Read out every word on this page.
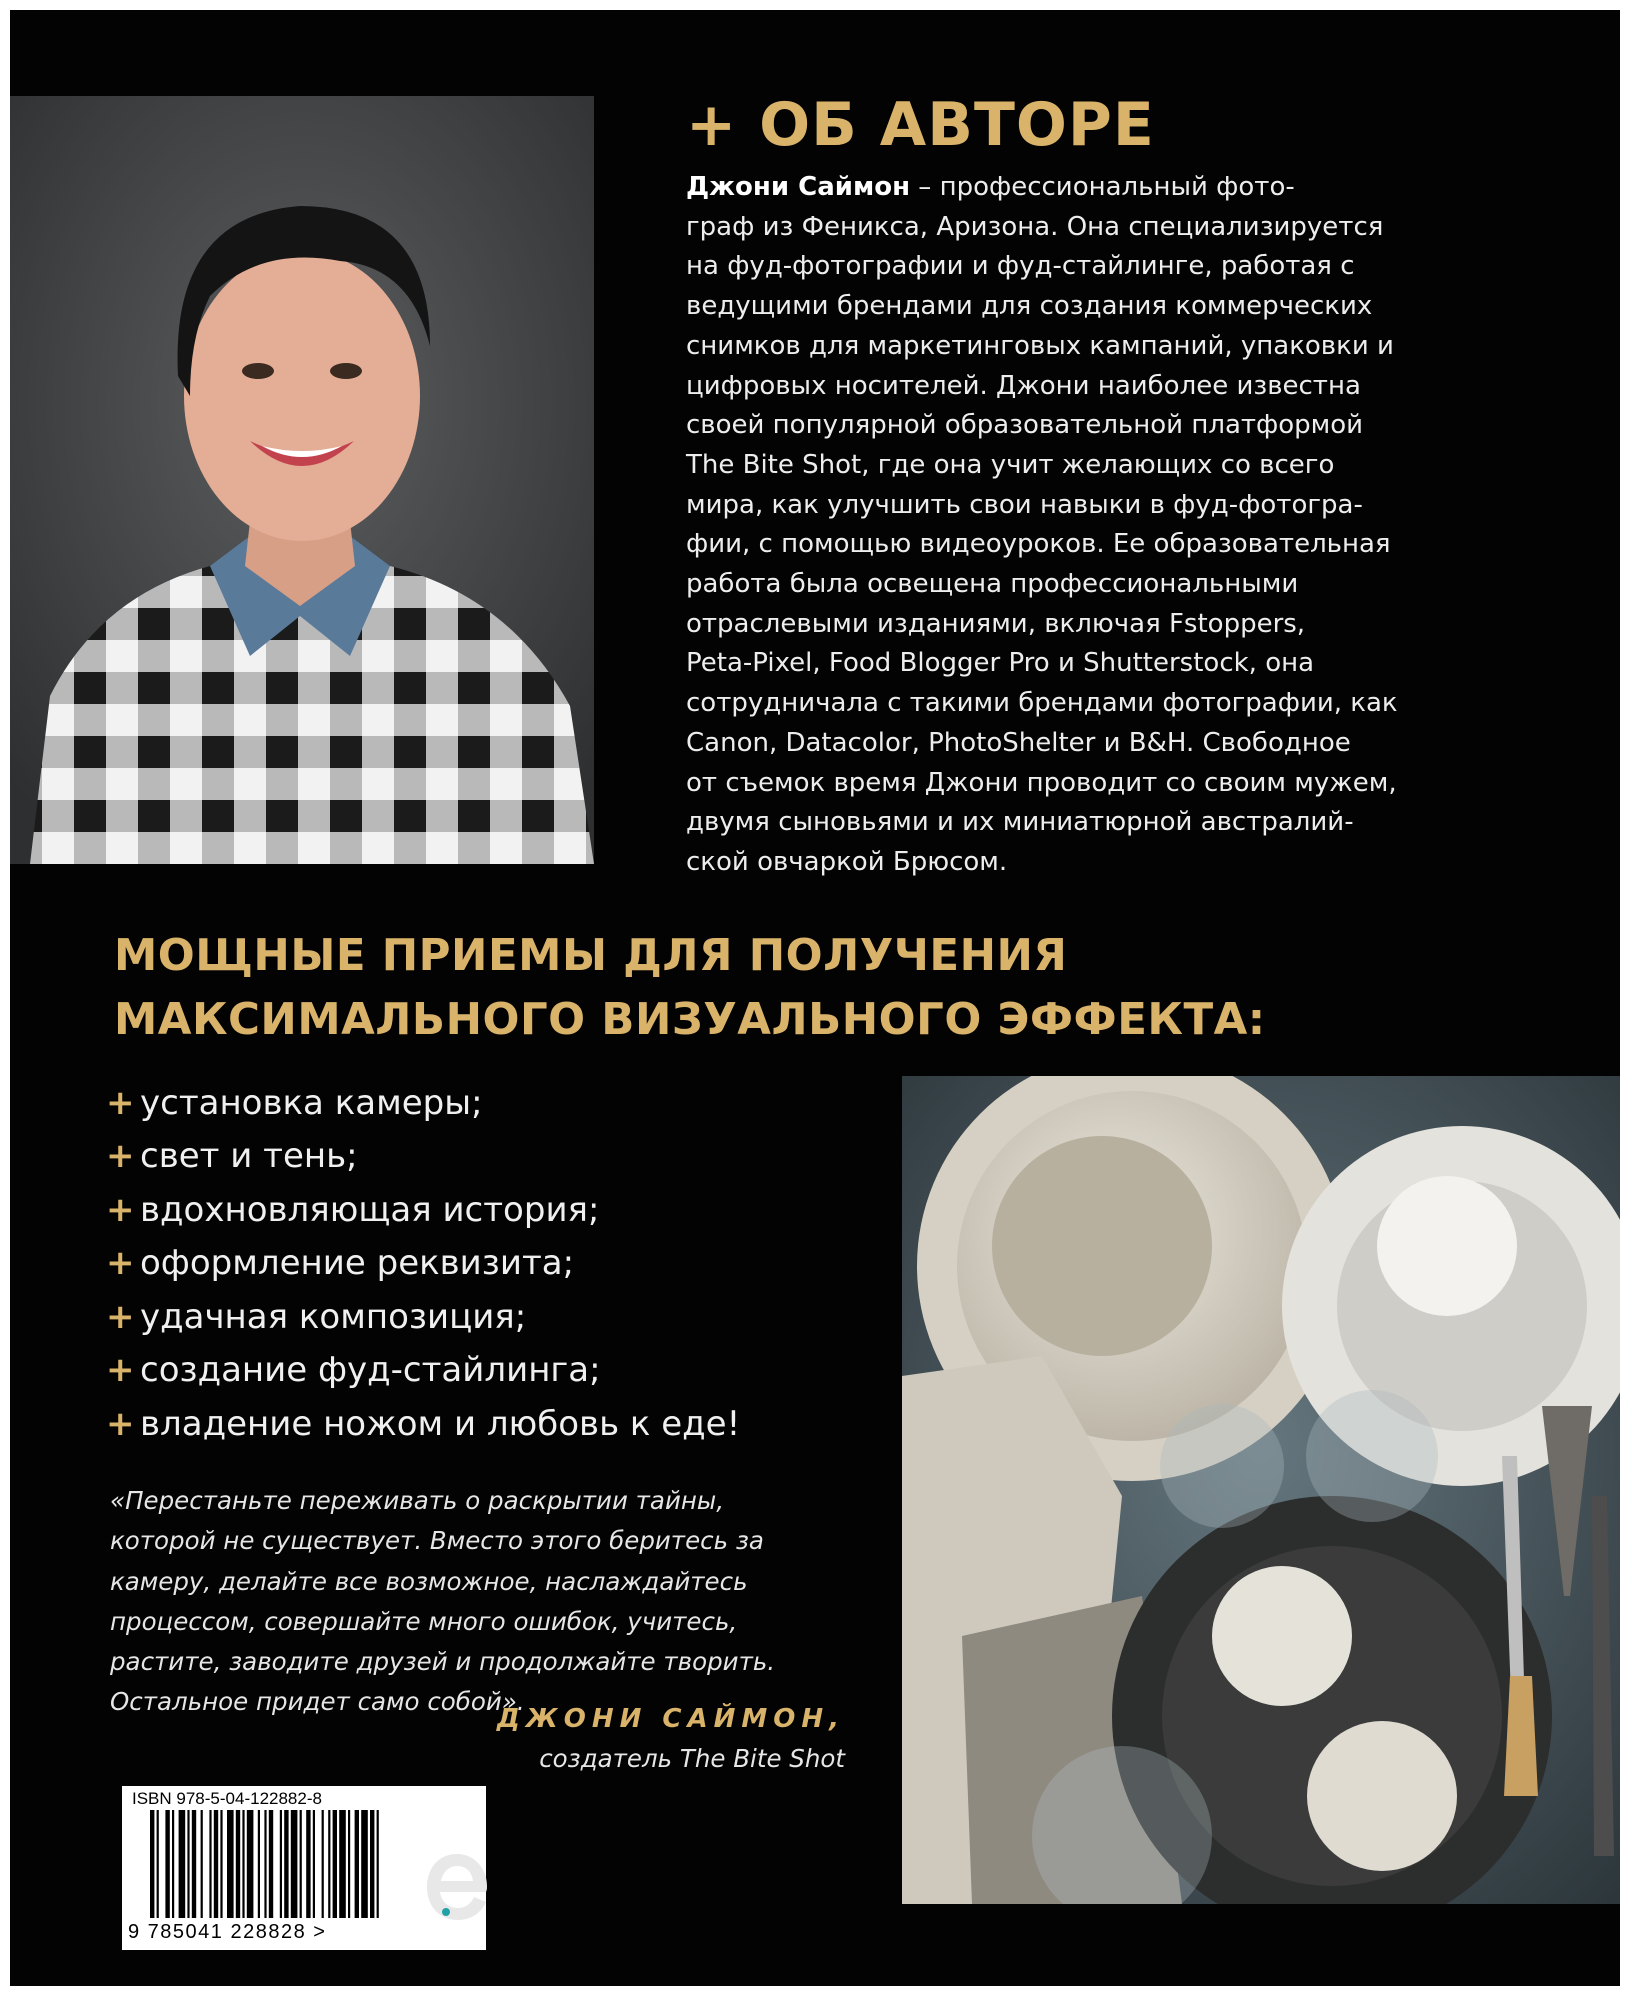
+ ОБ АВТОРЕ
Джони Саймон – профессиональный фото-
граф из Феникса, Аризона. Она специализируется
на фуд-фотографии и фуд-стайлинге, работая с
ведущими брендами для создания коммерческих
снимков для маркетинговых кампаний, упаковки и
цифровых носителей. Джони наиболее известна
своей популярной образовательной платформой
The Bite Shot, где она учит желающих со всего
мира, как улучшить свои навыки в фуд-фотогра-
фии, с помощью видеоуроков. Ее образовательная
работа была освещена профессиональными
отраслевыми изданиями, включая Fstoppers,
Peta-Pixel, Food Blogger Pro и Shutterstock, она
сотрудничала с такими брендами фотографии, как
Canon, Datacolor, PhotoShelter и B&H. Свободное
от съемок время Джони проводит со своим мужем,
двумя сыновьями и их миниатюрной австралий-
ской овчаркой Брюсом.
МОЩНЫЕ ПРИЕМЫ ДЛЯ ПОЛУЧЕНИЯ
МАКСИМАЛЬНОГО ВИЗУАЛЬНОГО ЭФФЕКТА:
+ установка камеры;
+ свет и тень;
+ вдохновляющая история;
+ оформление реквизита;
+ удачная композиция;
+ создание фуд-стайлинга;
+ владение ножом и любовь к еде!
«Перестаньте переживать о раскрытии тайны,
которой не существует. Вместо этого беритесь за
камеру, делайте все возможное, наслаждайтесь
процессом, совершайте много ошибок, учитесь,
растите, заводите друзей и продолжайте творить.
Остальное придет само собой».
ДЖОНИ САЙМОН,
создатель The Bite Shot
ISBN 978-5-04-122882-8
9 785041 228828 >
